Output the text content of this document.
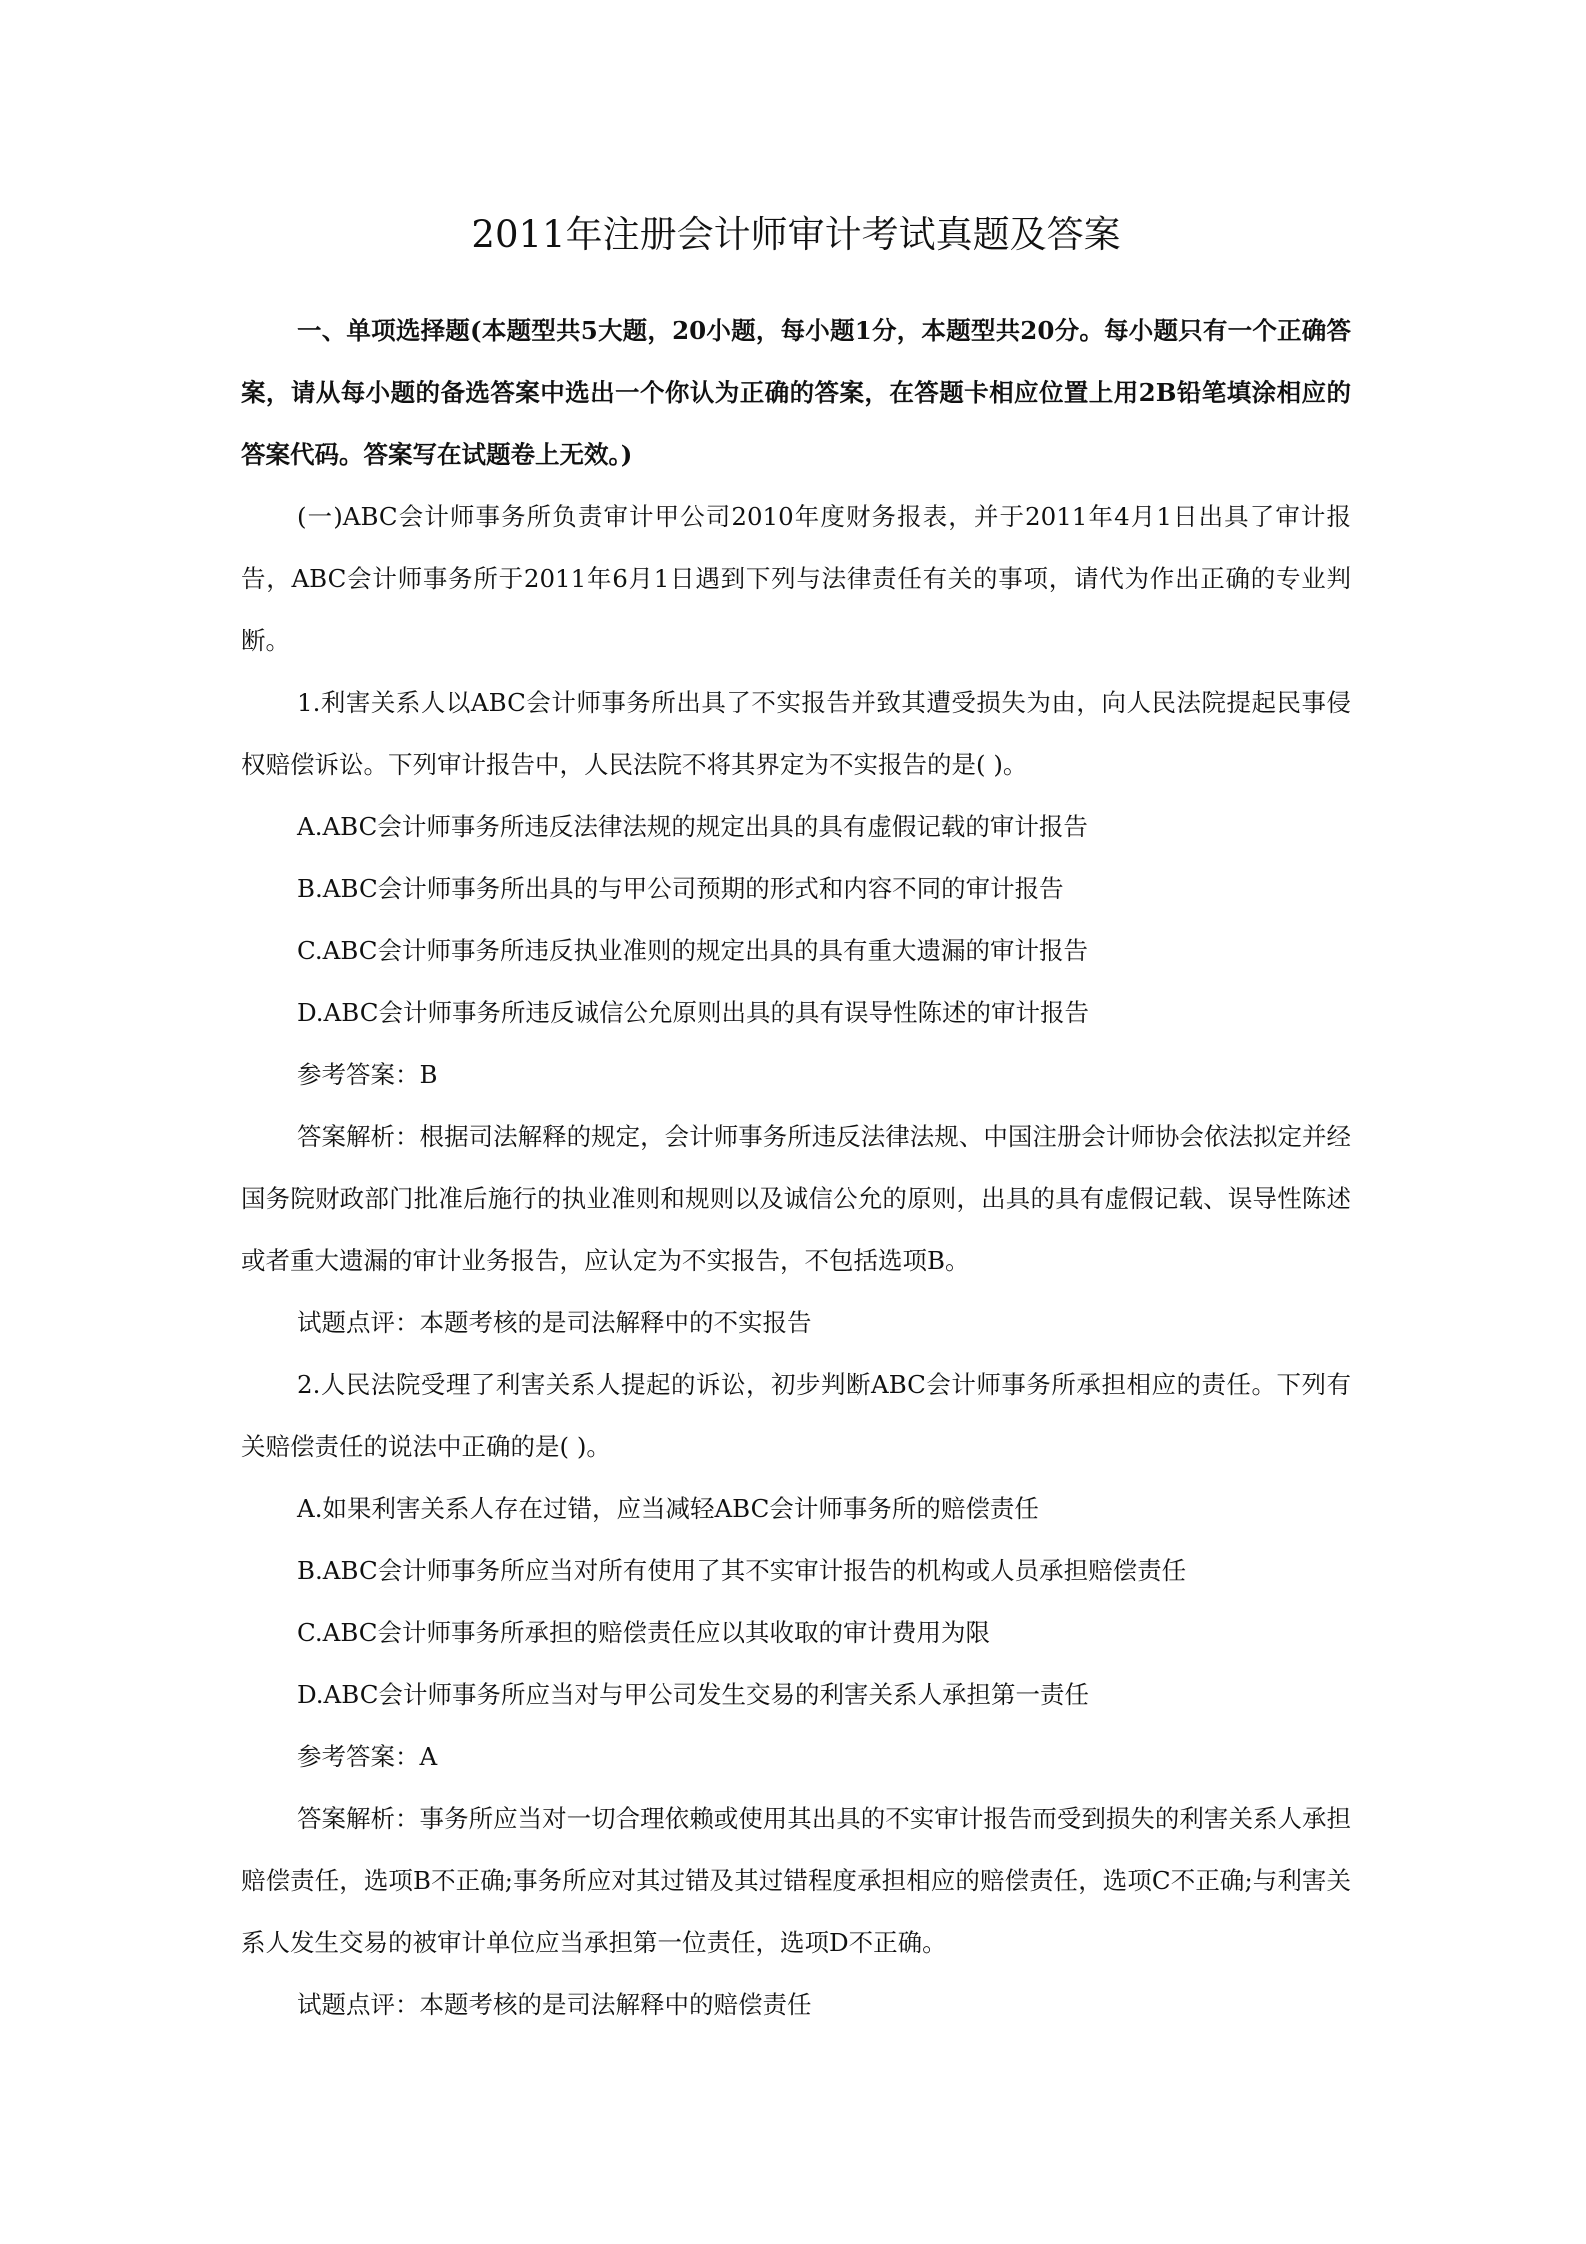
2011年注册会计师审计考试真题及答案

一、单项选择题(本题型共5大题，20小题，每小题1分，本题型共20分。每小题只有一个正确答案，请从每小题的备选答案中选出一个你认为正确的答案，在答题卡相应位置上用2B铅笔填涂相应的答案代码。答案写在试题卷上无效。)

(一)ABC会计师事务所负责审计甲公司2010年度财务报表，并于2011年4月1日出具了审计报告，ABC会计师事务所于2011年6月1日遇到下列与法律责任有关的事项，请代为作出正确的专业判断。

1.利害关系人以ABC会计师事务所出具了不实报告并致其遭受损失为由，向人民法院提起民事侵权赔偿诉讼。下列审计报告中，人民法院不将其界定为不实报告的是( )。

A.ABC会计师事务所违反法律法规的规定出具的具有虚假记载的审计报告

B.ABC会计师事务所出具的与甲公司预期的形式和内容不同的审计报告

C.ABC会计师事务所违反执业准则的规定出具的具有重大遗漏的审计报告

D.ABC会计师事务所违反诚信公允原则出具的具有误导性陈述的审计报告

参考答案：B

答案解析：根据司法解释的规定，会计师事务所违反法律法规、中国注册会计师协会依法拟定并经国务院财政部门批准后施行的执业准则和规则以及诚信公允的原则，出具的具有虚假记载、误导性陈述或者重大遗漏的审计业务报告，应认定为不实报告，不包括选项B。

试题点评：本题考核的是司法解释中的不实报告

2.人民法院受理了利害关系人提起的诉讼，初步判断ABC会计师事务所承担相应的责任。下列有关赔偿责任的说法中正确的是( )。

A.如果利害关系人存在过错，应当减轻ABC会计师事务所的赔偿责任

B.ABC会计师事务所应当对所有使用了其不实审计报告的机构或人员承担赔偿责任

C.ABC会计师事务所承担的赔偿责任应以其收取的审计费用为限

D.ABC会计师事务所应当对与甲公司发生交易的利害关系人承担第一责任

参考答案：A

答案解析：事务所应当对一切合理依赖或使用其出具的不实审计报告而受到损失的利害关系人承担赔偿责任，选项B不正确;事务所应对其过错及其过错程度承担相应的赔偿责任，选项C不正确;与利害关系人发生交易的被审计单位应当承担第一位责任，选项D不正确。

试题点评：本题考核的是司法解释中的赔偿责任
